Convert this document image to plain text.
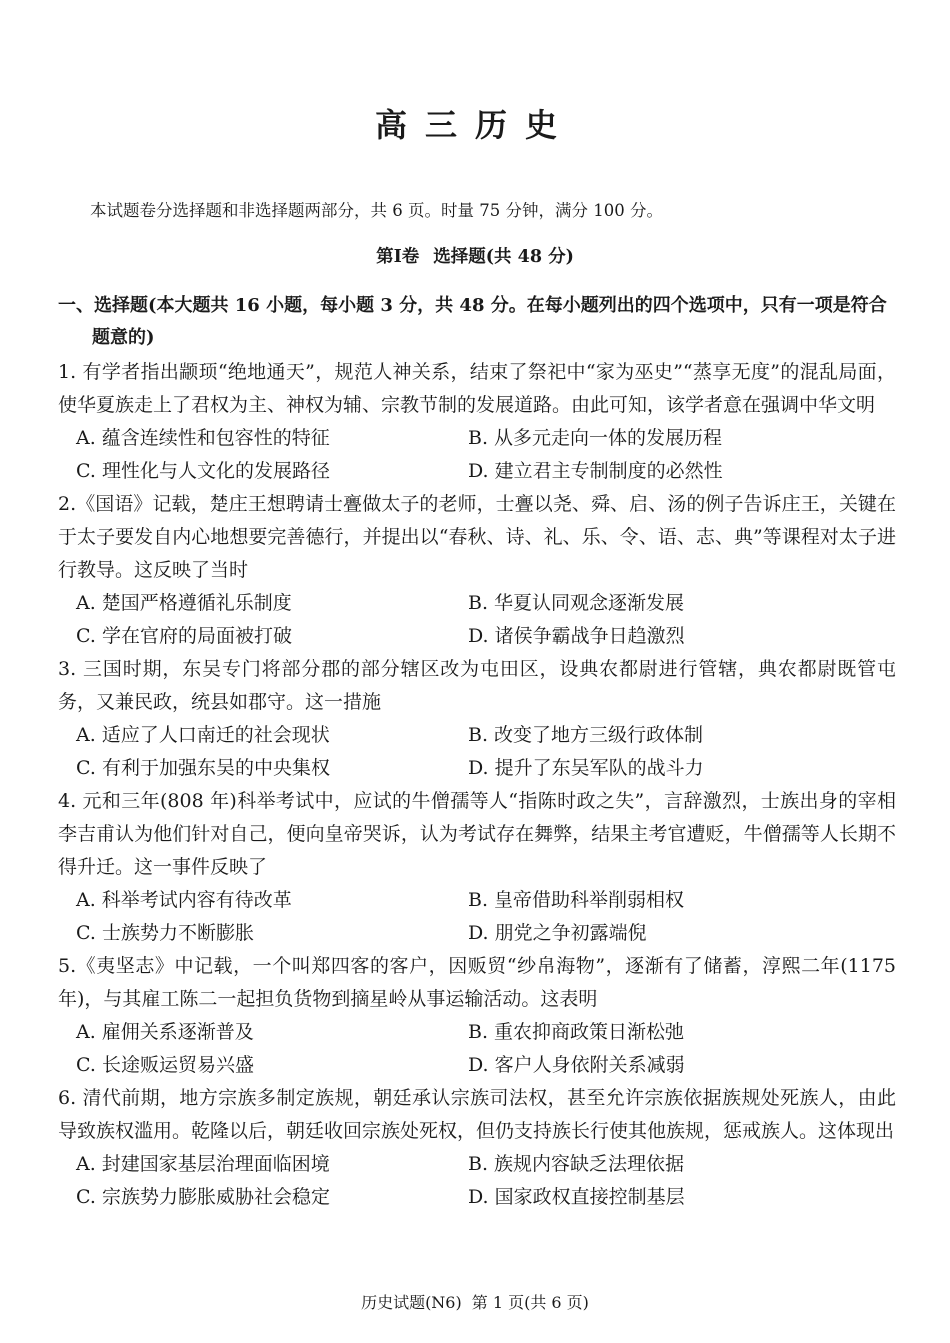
高三历史
本试题卷分选择题和非选择题两部分，共 6 页。时量 75 分钟，满分 100 分。
第Ⅰ卷 选择题(共 48 分)
一、选择题(本大题共 16 小题，每小题 3 分，共 48 分。在每小题列出的四个选项中，只有一项是符合
题意的)
1. 有学者指出颛顼“绝地通天”，规范人神关系，结束了祭祀中“家为巫史”“蒸享无度”的混乱局面，使华夏族走上了君权为主、神权为辅、宗教节制的发展道路。由此可知，该学者意在强调中华文明
A. 蕴含连续性和包容性的特征	B. 从多元走向一体的发展历程
C. 理性化与人文化的发展路径	D. 建立君主专制制度的必然性
2.《国语》记载，楚庄王想聘请士亹做太子的老师，士亹以尧、舜、启、汤的例子告诉庄王，关键在于太子要发自内心地想要完善德行，并提出以“春秋、诗、礼、乐、令、语、志、典”等课程对太子进行教导。这反映了当时
A. 楚国严格遵循礼乐制度	B. 华夏认同观念逐渐发展
C. 学在官府的局面被打破	D. 诸侯争霸战争日趋激烈
3. 三国时期，东吴专门将部分郡的部分辖区改为屯田区，设典农都尉进行管辖，典农都尉既管屯务，又兼民政，统县如郡守。这一措施
A. 适应了人口南迁的社会现状	B. 改变了地方三级行政体制
C. 有利于加强东吴的中央集权	D. 提升了东吴军队的战斗力
4. 元和三年(808 年)科举考试中，应试的牛僧孺等人“指陈时政之失”，言辞激烈，士族出身的宰相李吉甫认为他们针对自己，便向皇帝哭诉，认为考试存在舞弊，结果主考官遭贬，牛僧孺等人长期不得升迁。这一事件反映了
A. 科举考试内容有待改革	B. 皇帝借助科举削弱相权
C. 士族势力不断膨胀	D. 朋党之争初露端倪
5.《夷坚志》中记载，一个叫郑四客的客户，因贩贸“纱帛海物”，逐渐有了储蓄，淳熙二年(1175 年)，与其雇工陈二一起担负货物到摘星岭从事运输活动。这表明
A. 雇佣关系逐渐普及	B. 重农抑商政策日渐松弛
C. 长途贩运贸易兴盛	D. 客户人身依附关系减弱
6. 清代前期，地方宗族多制定族规，朝廷承认宗族司法权，甚至允许宗族依据族规处死族人，由此导致族权滥用。乾隆以后，朝廷收回宗族处死权，但仍支持族长行使其他族规，惩戒族人。这体现出
A. 封建国家基层治理面临困境	B. 族规内容缺乏法理依据
C. 宗族势力膨胀威胁社会稳定	D. 国家政权直接控制基层
历史试题(N6) 第 1 页(共 6 页)
